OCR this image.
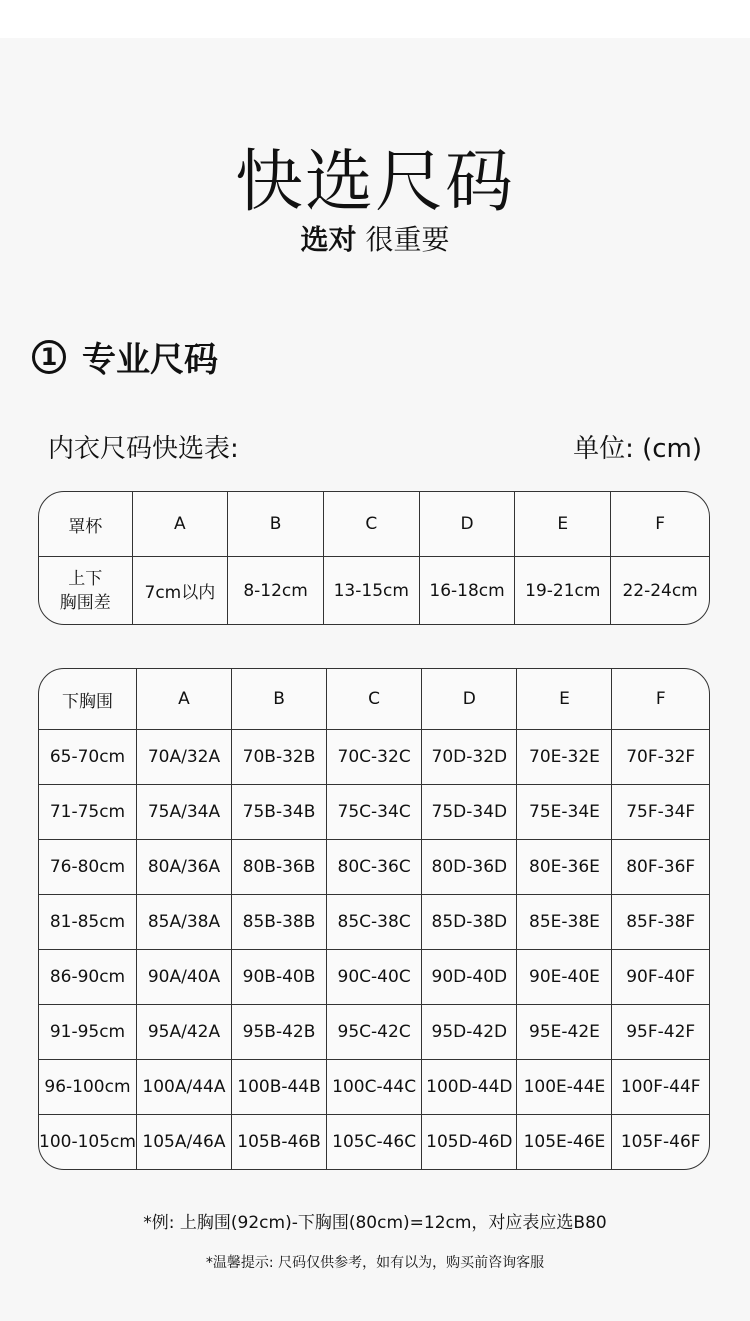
快选尺码
选对 很重要
1 专业尺码
内衣尺码快选表:	单位: (cm)
罩杯	A	B	C	D	E	F
上下
胸围差	7cm以内	8-12cm	13-15cm	16-18cm	19-21cm	22-24cm
下胸围	A	B	C	D	E	F
65-70cm	70A/32A	70B-32B	70C-32C	70D-32D	70E-32E	70F-32F
71-75cm	75A/34A	75B-34B	75C-34C	75D-34D	75E-34E	75F-34F
76-80cm	80A/36A	80B-36B	80C-36C	80D-36D	80E-36E	80F-36F
81-85cm	85A/38A	85B-38B	85C-38C	85D-38D	85E-38E	85F-38F
86-90cm	90A/40A	90B-40B	90C-40C	90D-40D	90E-40E	90F-40F
91-95cm	95A/42A	95B-42B	95C-42C	95D-42D	95E-42E	95F-42F
96-100cm	100A/44A	100B-44B	100C-44C	100D-44D	100E-44E	100F-44F
100-105cm	105A/46A	105B-46B	105C-46C	105D-46D	105E-46E	105F-46F
*例: 上胸围(92cm)-下胸围(80cm)=12cm，对应表应选B80
*温馨提示: 尺码仅供参考，如有以为，购买前咨询客服
